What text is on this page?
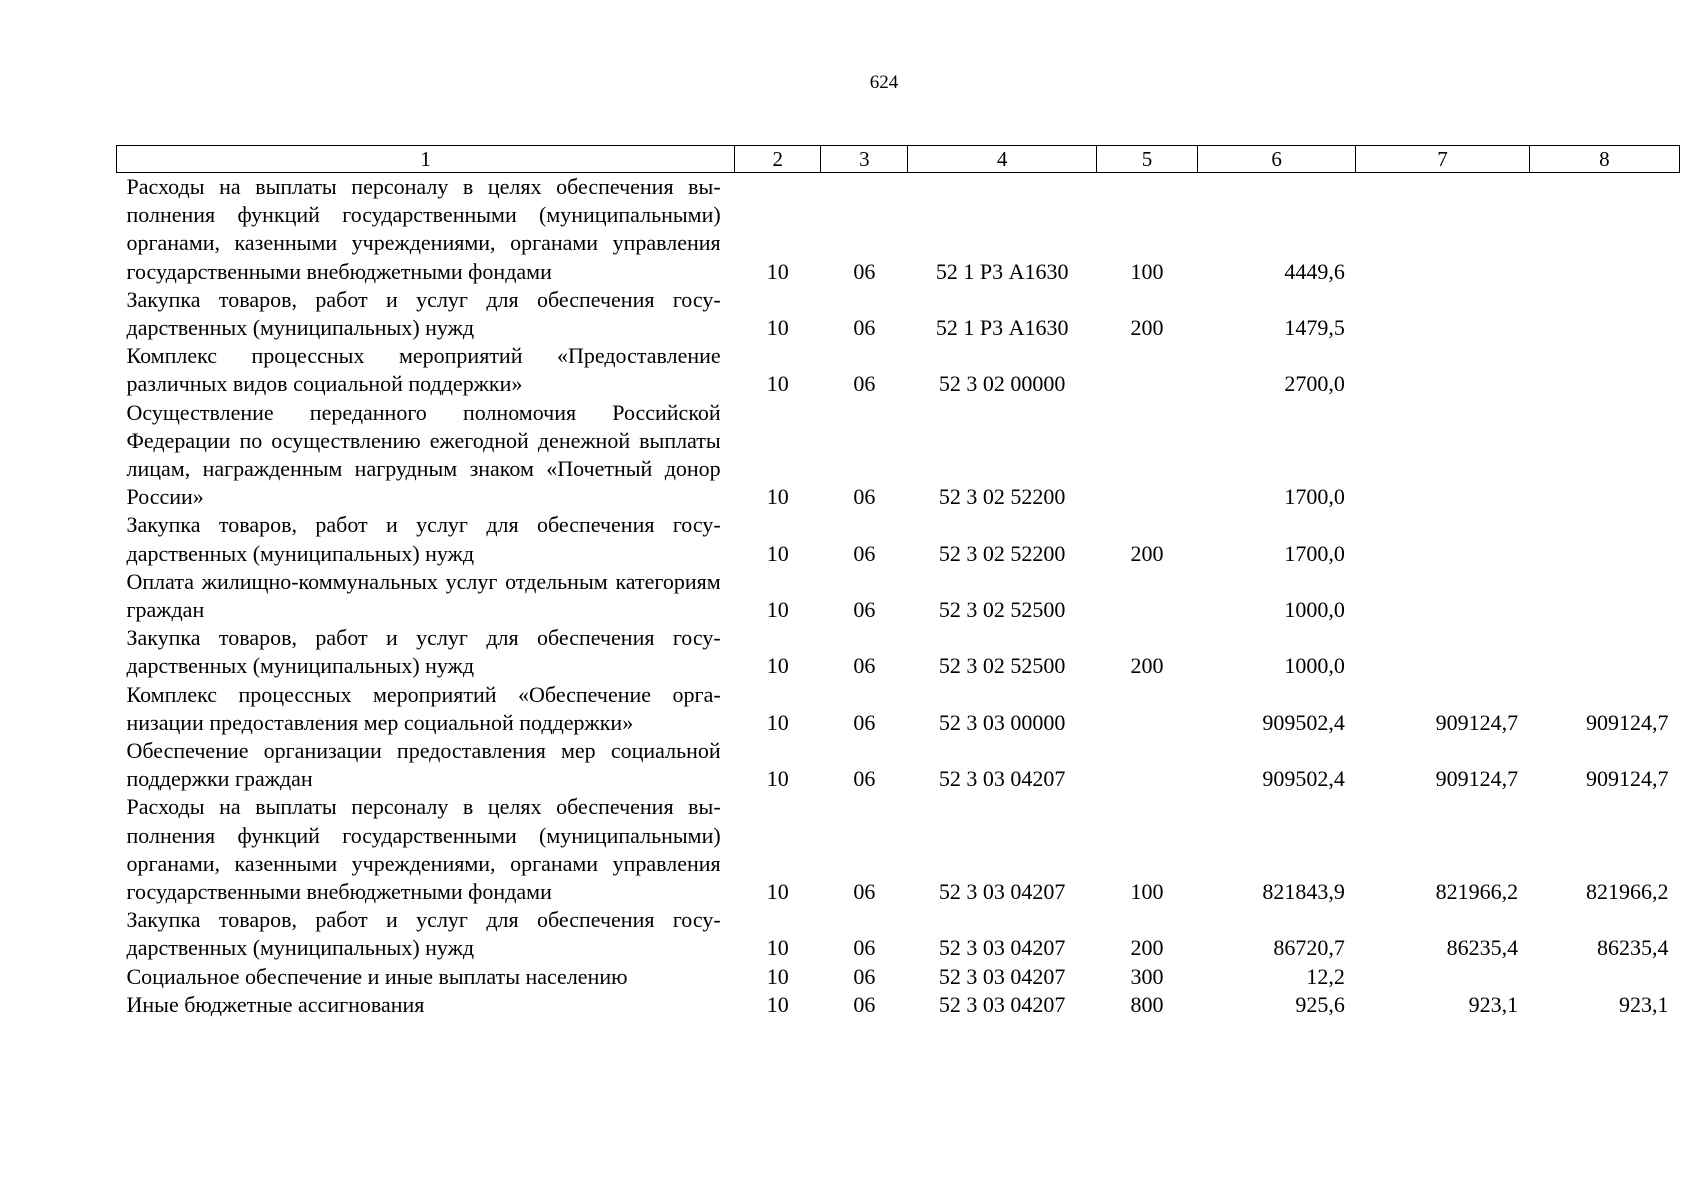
624
1	2	3	4	5	6	7	8
Расходы на выплаты персоналу в целях обеспечения выполнения функций государственными (муниципальными) органами, казенными учреждениями, органами управления государственными внебюджетными фондами	10	06	52 1 Р3 А1630	100	4449,6		
Закупка товаров, работ и услуг для обеспечения государственных (муниципальных) нужд	10	06	52 1 Р3 А1630	200	1479,5		
Комплекс процессных мероприятий «Предоставление различных видов социальной поддержки»	10	06	52 3 02 00000		2700,0		
Осуществление переданного полномочия Российской Федерации по осуществлению ежегодной денежной выплаты лицам, награжденным нагрудным знаком «Почетный донор России»	10	06	52 3 02 52200		1700,0		
Закупка товаров, работ и услуг для обеспечения государственных (муниципальных) нужд	10	06	52 3 02 52200	200	1700,0		
Оплата жилищно-коммунальных услуг отдельным категориям граждан	10	06	52 3 02 52500		1000,0		
Закупка товаров, работ и услуг для обеспечения государственных (муниципальных) нужд	10	06	52 3 02 52500	200	1000,0		
Комплекс процессных мероприятий «Обеспечение организации предоставления мер социальной поддержки»	10	06	52 3 03 00000		909502,4	909124,7	909124,7
Обеспечение организации предоставления мер социальной поддержки граждан	10	06	52 3 03 04207		909502,4	909124,7	909124,7
Расходы на выплаты персоналу в целях обеспечения выполнения функций государственными (муниципальными) органами, казенными учреждениями, органами управления государственными внебюджетными фондами	10	06	52 3 03 04207	100	821843,9	821966,2	821966,2
Закупка товаров, работ и услуг для обеспечения государственных (муниципальных) нужд	10	06	52 3 03 04207	200	86720,7	86235,4	86235,4
Социальное обеспечение и иные выплаты населению	10	06	52 3 03 04207	300	12,2		
Иные бюджетные ассигнования	10	06	52 3 03 04207	800	925,6	923,1	923,1
